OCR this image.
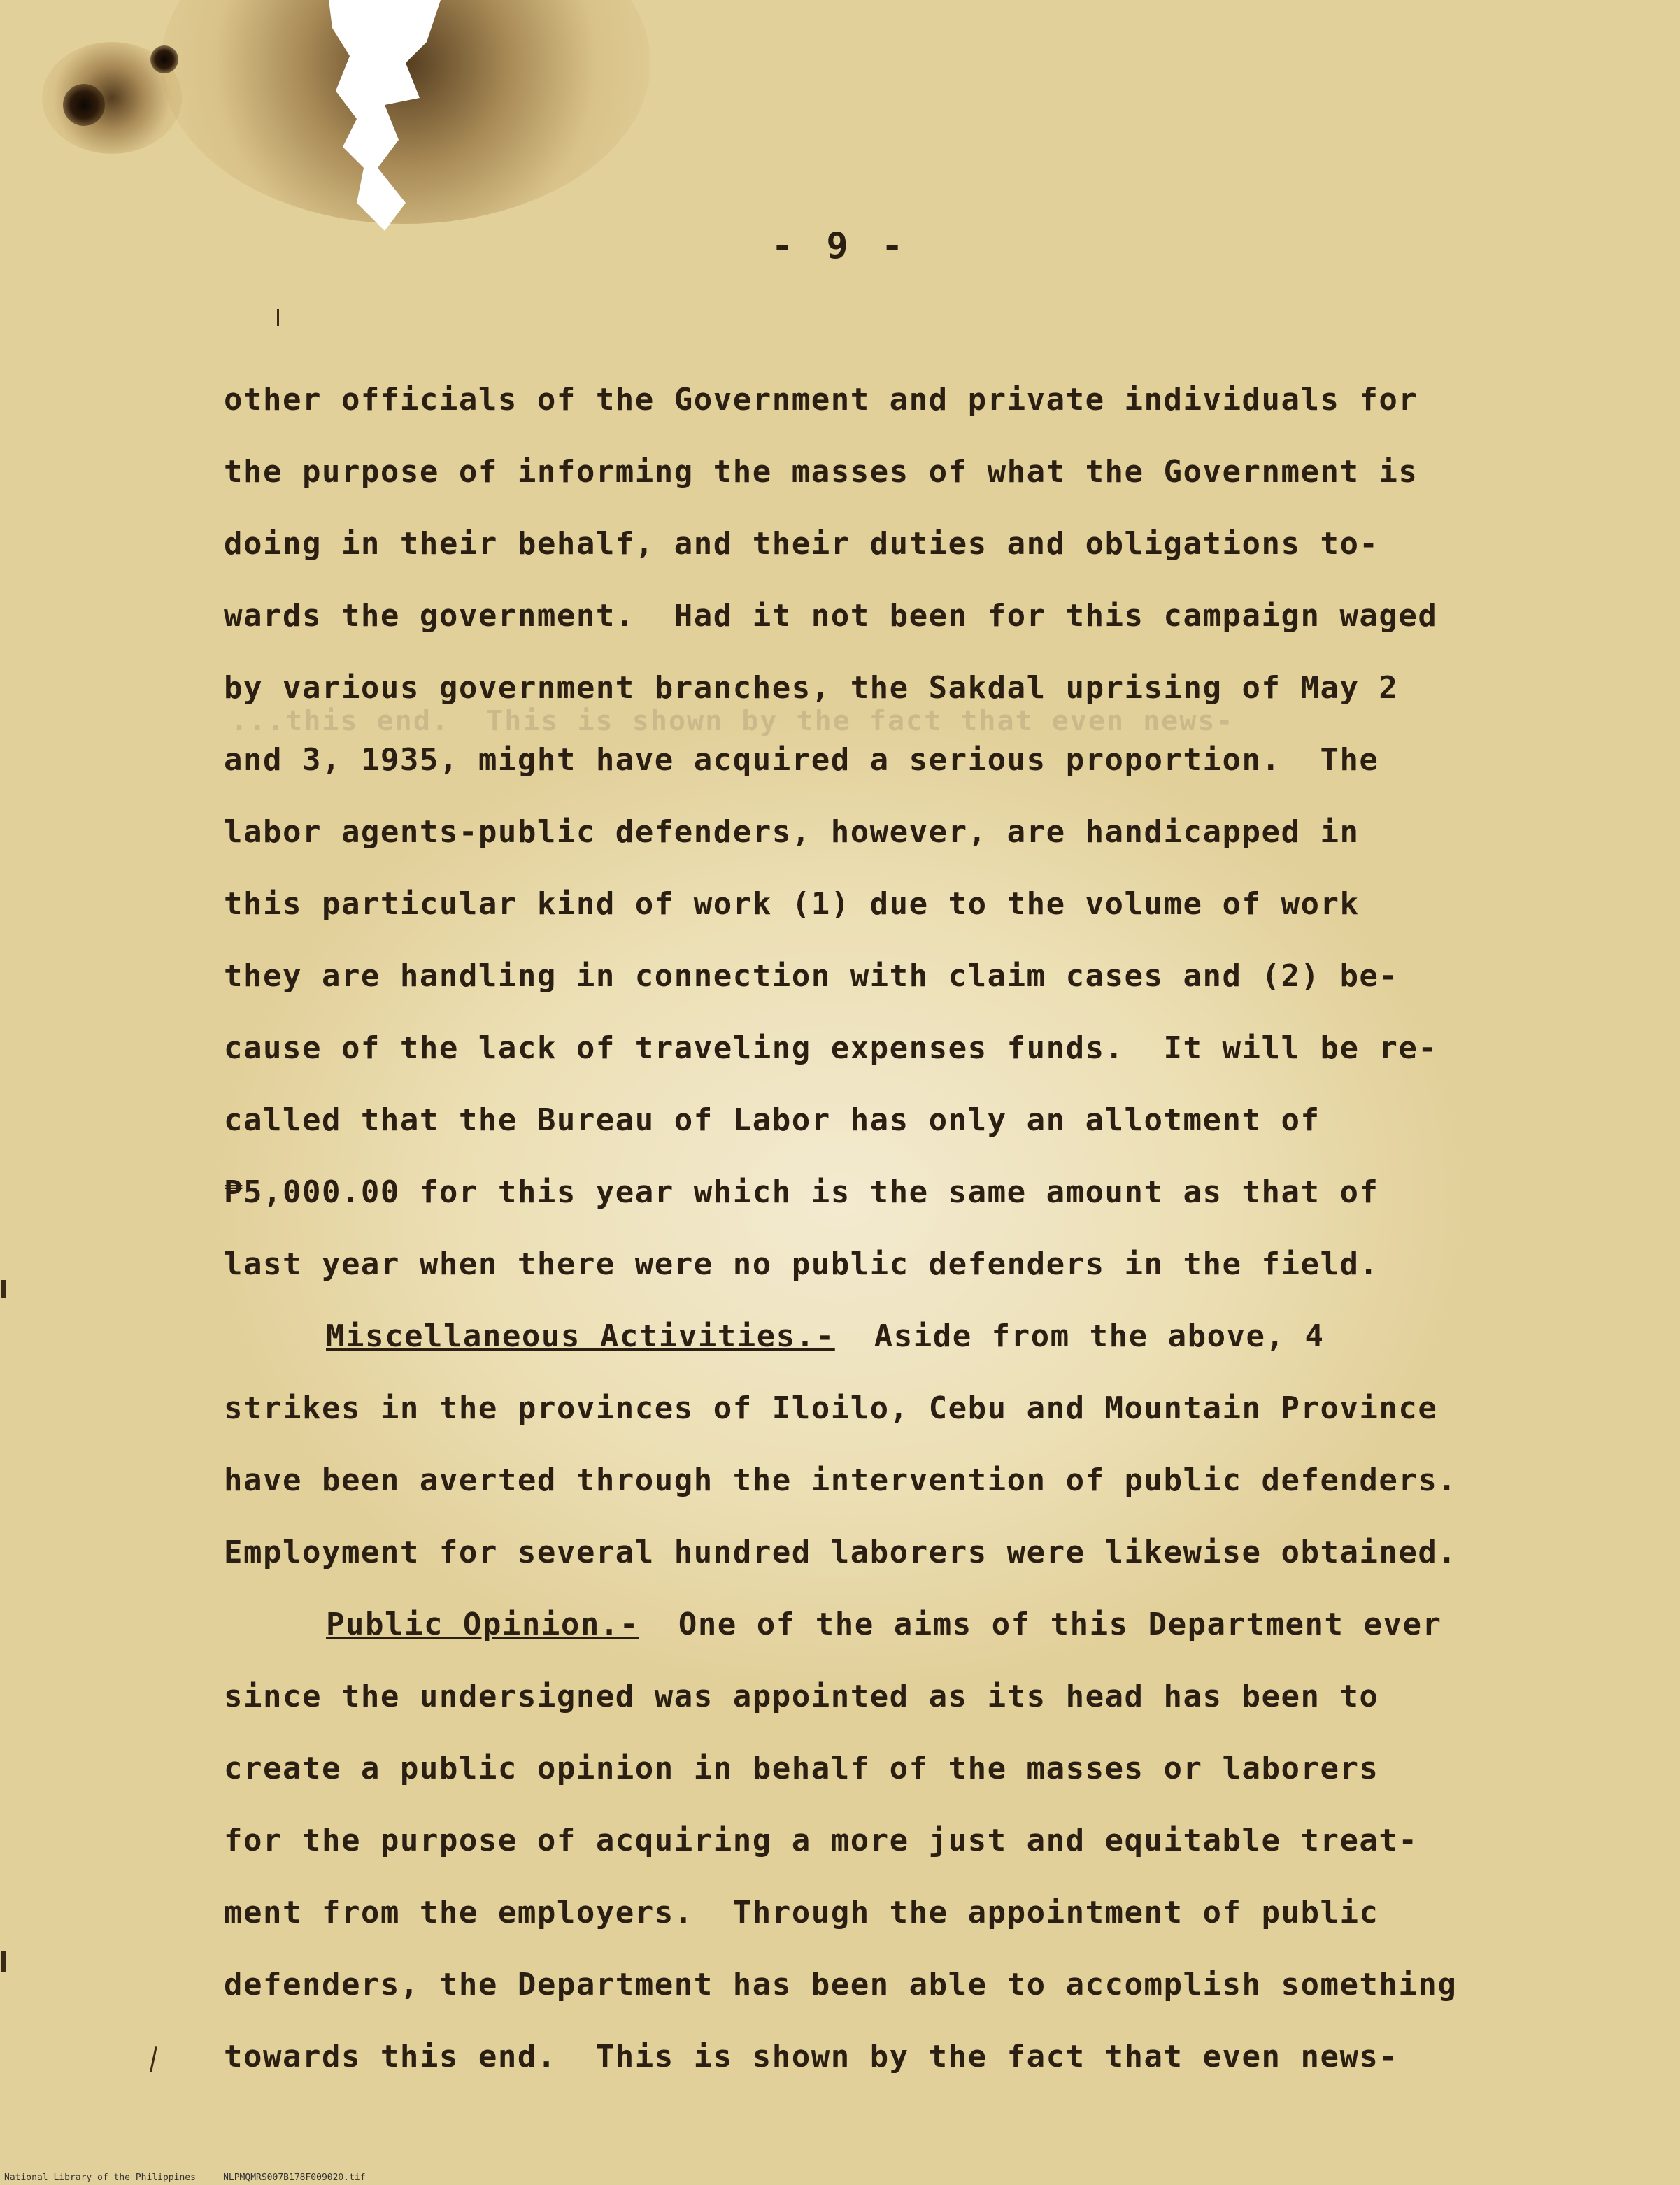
- 9 -
...this end.  This is shown by the fact that even news-
other officials of the Government and private individuals for
the purpose of informing the masses of what the Government is
doing in their behalf, and their duties and obligations to-
wards the government.  Had it not been for this campaign waged
by various government branches, the Sakdal uprising of May 2
and 3, 1935, might have acquired a serious proportion.  The
labor agents-public defenders, however, are handicapped in
this particular kind of work (1) due to the volume of work
they are handling in connection with claim cases and (2) be-
cause of the lack of traveling expenses funds.  It will be re-
called that the Bureau of Labor has only an allotment of
₱5,000.00 for this year which is the same amount as that of
last year when there were no public defenders in the field.
Miscellaneous Activities.-  Aside from the above, 4
strikes in the provinces of Iloilo, Cebu and Mountain Province
have been averted through the intervention of public defenders.
Employment for several hundred laborers were likewise obtained.
Public Opinion.-  One of the aims of this Department ever
since the undersigned was appointed as its head has been to
create a public opinion in behalf of the masses or laborers
for the purpose of acquiring a more just and equitable treat-
ment from the employers.  Through the appointment of public
defenders, the Department has been able to accomplish something
towards this end.  This is shown by the fact that even news-
National Library of the Philippines     NLPMQMRS007B178F009020.tif
